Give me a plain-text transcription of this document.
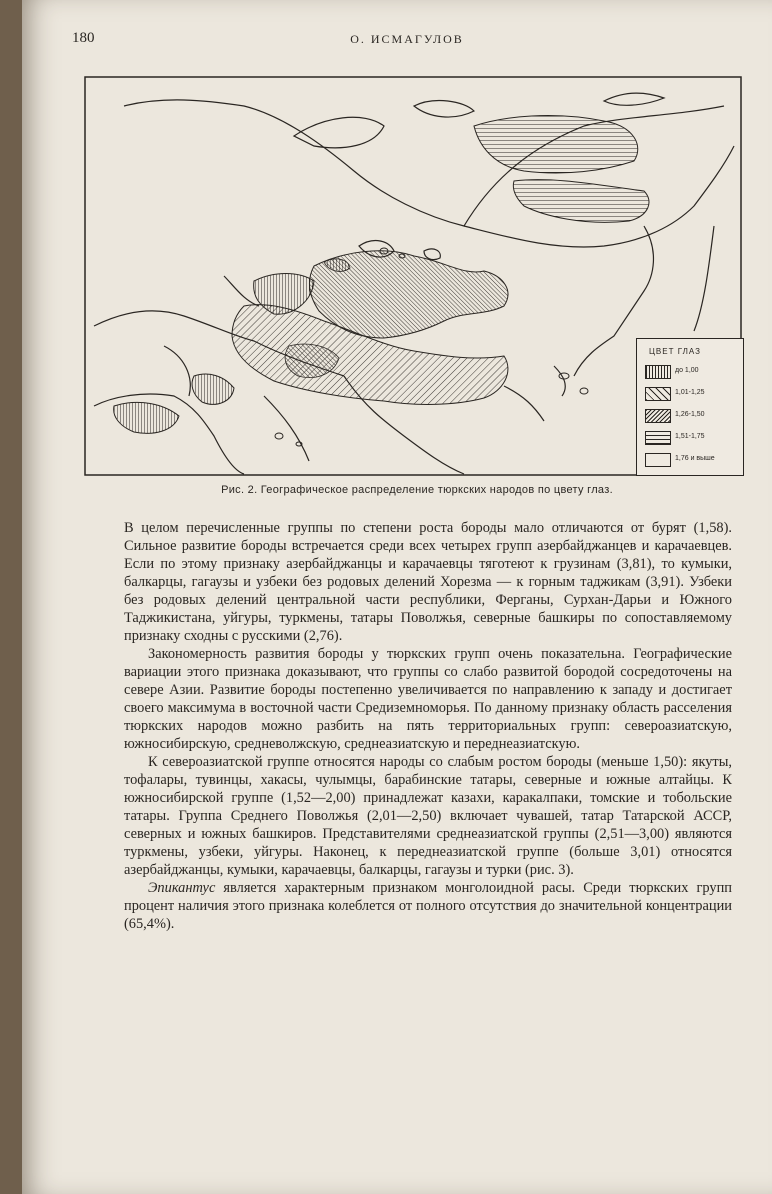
180	О. ИСМАГУЛОВ
ЦВЕТ ГЛАЗ
до 1,00
1,01-1,25
1,26-1,50
1,51-1,75
1,76 и выше
Рис. 2. Географическое распределение тюркских народов по цвету глаз.

В целом перечисленные группы по степени роста бороды мало отличаются от бурят (1,58). Сильное развитие бороды встречается среди всех четырех групп азербайджанцев и карачаевцев. Если по этому признаку азербайджанцы и карачаевцы тяготеют к грузинам (3,81), то кумыки, балкарцы, гагаузы и узбеки без родовых делений Хорезма — к горным таджикам (3,91). Узбеки без родовых делений центральной части республики, Ферганы, Сурхан-Дарьи и Южного Таджикистана, уйгуры, туркмены, татары Поволжья, северные башкиры по сопоставляемому признаку сходны с русскими (2,76).

Закономерность развития бороды у тюркских групп очень показательна. Географические вариации этого признака доказывают, что группы со слабо развитой бородой сосредоточены на севере Азии. Развитие бороды постепенно увеличивается по направлению к западу и достигает своего максимума в восточной части Средиземноморья. По данному признаку область расселения тюркских народов можно разбить на пять территориальных групп: североазиатскую, южносибирскую, средневолжскую, среднеазиатскую и переднеазиатскую.

К североазиатской группе относятся народы со слабым ростом бороды (меньше 1,50): якуты, тофалары, тувинцы, хакасы, чулымцы, барабинские татары, северные и южные алтайцы. К южносибирской группе (1,52—2,00) принадлежат казахи, каракалпаки, томские и тобольские татары. Группа Среднего Поволжья (2,01—2,50) включает чувашей, татар Татарской АССР, северных и южных башкиров. Представителями среднеазиатской группы (2,51—3,00) являются туркмены, узбеки, уйгуры. Наконец, к переднеазиатской группе (больше 3,01) относятся азербайджанцы, кумыки, карачаевцы, балкарцы, гагаузы и турки (рис. 3).

Эпикантус является характерным признаком монголоидной расы. Среди тюркских групп процент наличия этого признака колеблется от полного отсутствия до значительной концентрации (65,4%).
